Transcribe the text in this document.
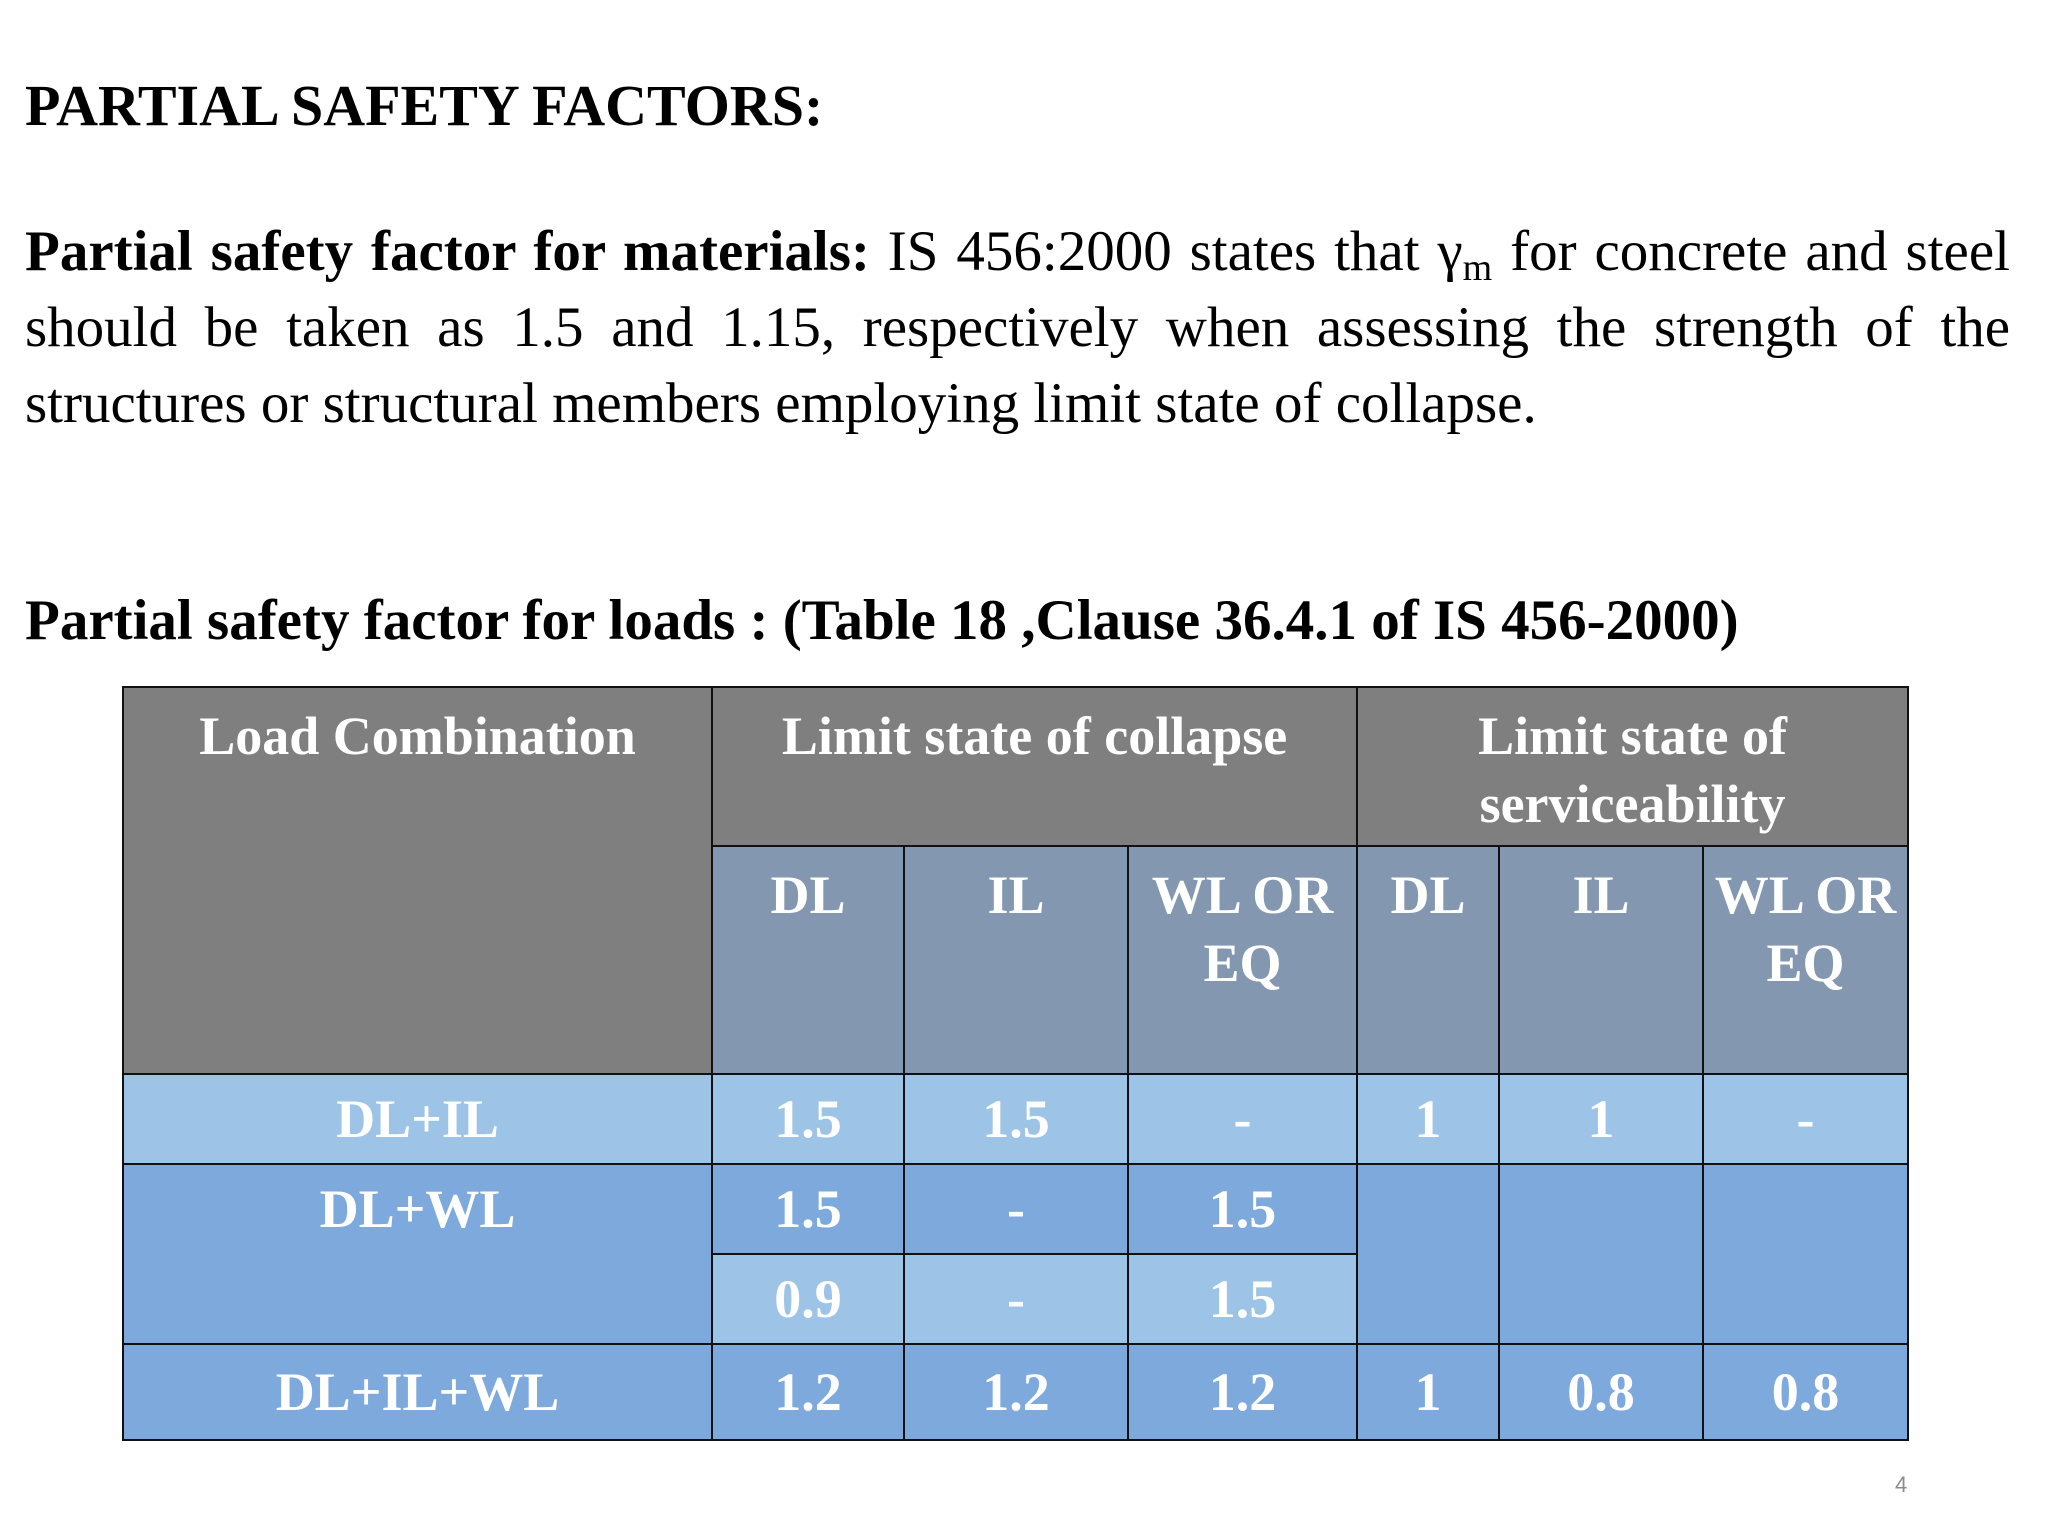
PARTIAL SAFETY FACTORS:

Partial safety factor for materials: IS 456:2000 states that $\gamma_m$ for concrete and steel should be taken as 1.5 and 1.15, respectively when assessing the strength of the structures or structural members employing limit state of collapse.

Partial safety factor for loads : (Table 18 ,Clause 36.4.1 of IS 456-2000)
Load Combination	Limit state of collapse			Limit state of serviceability		
	DL	IL	WL OR EQ	DL	IL	WL OR EQ
DL+IL	1.5	1.5	-	1	1	-
DL+WL	1.5	-	1.5			
	0.9	-	1.5			
DL+IL+WL	1.2	1.2	1.2	1	0.8	0.8
4
